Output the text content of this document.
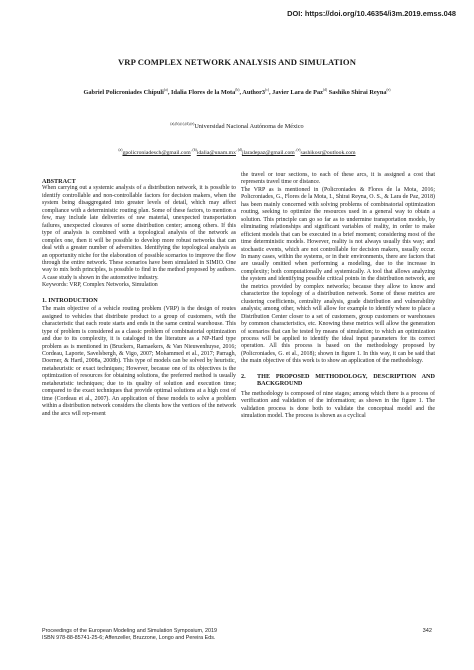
DOI: https://doi.org/10.46354/i3m.2019.emss.048
VRP COMPLEX NETWORK ANALYSIS AND SIMULATION
Gabriel Policroniades Chípuli$^{(a)}$, Idalia Flores de la Mota$^{(b)}$, Author3$^{(c)}$, Javier Lara de Paz$^{(d)}$ Sashiko Shirai Reyna$^{(e)}$
$^{(a),(b),(c),(d),(e)}$Universidad Nacional Autónoma de México
$^{(a)}gpolicroniadesch@gmail.com^{, (b)}idalia@unam.mx^{, (d)}jlaradepaz@gmail.com^{, (e)}sashikosr@outlook.com$

ABSTRACT

When carrying out a systemic analysis of a distribution network, it is possible to identify controllable and non-controllable factors for decision makers, when the system being disaggregated into greater levels of detail, which may affect compliance with a deterministic routing plan. Some of these factors, to mention a few, may include late deliveries of raw material, unexpected transportation failures, unexpected closures of some distribution center; among others. If this type of analysis is combined with a topological analysis of the network as complex one, then it will be possible to develop more robust networks that can deal with a greater number of adversities. Identifying the topological analysis as an opportunity niche for the elaboration of possible scenarios to improve the flow through the entire network. These scenarios have been simulated in SIMIO. One way to mix both principles, is possible to find in the method proposed by authors. A case study is shown in the automotive industry.

Keywords: VRP, Complex Networks, Simulation

1. INTRODUCTION

The main objective of a vehicle routing problem (VRP) is the design of routes assigned to vehicles that distribute product to a group of customers, with the characteristic that each route starts and ends in the same central warehouse. This type of problem is considered as a classic problem of combinatorial optimization and due to its complexity, it is cataloged in the literature as a NP-Hard type problem as is mentioned in (Bruckers, Ramaekers, & Van Nieuwenhuyse, 2016; Cordeau, Laporte, Savelsbergh, & Vigo, 2007; Mohammed et al., 2017; Parragh, Doerner, & Hartl, 2008a, 2008b). This type of models can be solved by heuristic, metaheuristic or exact techniques; However, because one of its objectives is the optimization of resources for obtaining solutions, the preferred method is usually metaheuristic techniques; due to its quality of solution and execution time; compared to the exact techniques that provide optimal solutions at a high cost of time (Cordeau et al., 2007). An application of these models to solve a problem within a distribution network considers the clients how the vertices of the network and the arcs will rep-resent

the travel or tour sections, to each of these arcs, it is assigned a cost that represents travel time or distance.

The VRP as is mentioned in (Policroniades & Flores de la Mota, 2016; Policroniades, G., Flores de la Mota, I., Shirai Reyna, O. S., & Lara de Paz, 2018) has been mainly concerned with solving problems of combinatorial optimization routing, seeking to optimize the resources used in a general way to obtain a solution. This principle can go so far as to undermine transportation models, by eliminating relationships and significant variables of reality, in order to make efficient models that can be executed in a brief moment; considering most of the time deterministic models. However, reality is not always usually this way; and stochastic events, which are not controllable for decision makers, usually occur. In many cases, within the systems, or in their environments, there are factors that are usually omitted when performing a modeling, due to the increase in complexity; both computationally and systemically. A tool that allows analyzing the system and identifying possible critical points in the distribution network, are the metrics provided by complex networks; because they allow to know and characterize the topology of a distribution network. Some of these metrics are clustering coefficients, centrality analysis, grade distribution and vulnerability analysis; among other, which will allow for example to identify where to place a Distribution Center closer to a set of customers, group customers or warehouses by common characteristics, etc. Knowing these metrics will allow the generation of scenarios that can be tested by means of simulation; to which an optimization process will be applied to identify the ideal input parameters for its correct operation. All this process is based on the methodology proposed by (Policroniades, G. et al., 2018); shown in figure 1. In this way, it can be said that the main objective of this work is to show an application of the methodology.

2.	THE PROPOSED METHODOLOGY, DESCRIPTION AND BACKGROUND

The methodology is composed of nine stages; among which there is a process of verification and validation of the information; as shown in the figure 1. The validation process is done both to validate the conceptual model and the simulation model. The process is shown as a cyclical

Proceedings of the European Modeling and Simulation Symposium, 2019
ISBN 978-88-85741-25-6; Affenzeller, Bruzzone, Longo and Pereira Eds.
342
